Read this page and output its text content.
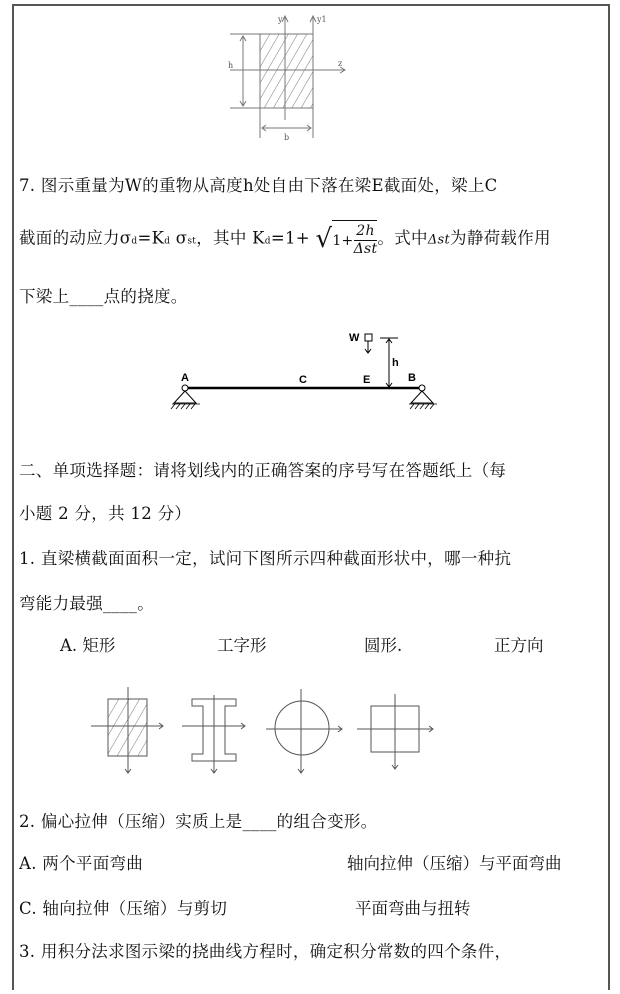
y	y1
z
h
b
7. 图示重量为W的重物从高度h处自由下落在梁E截面处，梁上C
截面的动应力σd=Kd σst，其中 $Kd=1+ √1+ \frac{2h}{\text{Δst}}$ 。式中Δst为静荷载作用
下梁上____点的挠度。
W
h
A	C	E	B
二、单项选择题：请将划线内的正确答案的序号写在答题纸上（每
小题 2 分，共 12 分）
1. 直梁横截面面积一定，试问下图所示四种截面形状中，哪一种抗
弯能力最强____。
A. 矩形	工字形	圆形.	正方向
2. 偏心拉伸（压缩）实质上是____的组合变形。
A. 两个平面弯曲	轴向拉伸（压缩）与平面弯曲
C. 轴向拉伸（压缩）与剪切	平面弯曲与扭转
3. 用积分法求图示梁的挠曲线方程时，确定积分常数的四个条件，
